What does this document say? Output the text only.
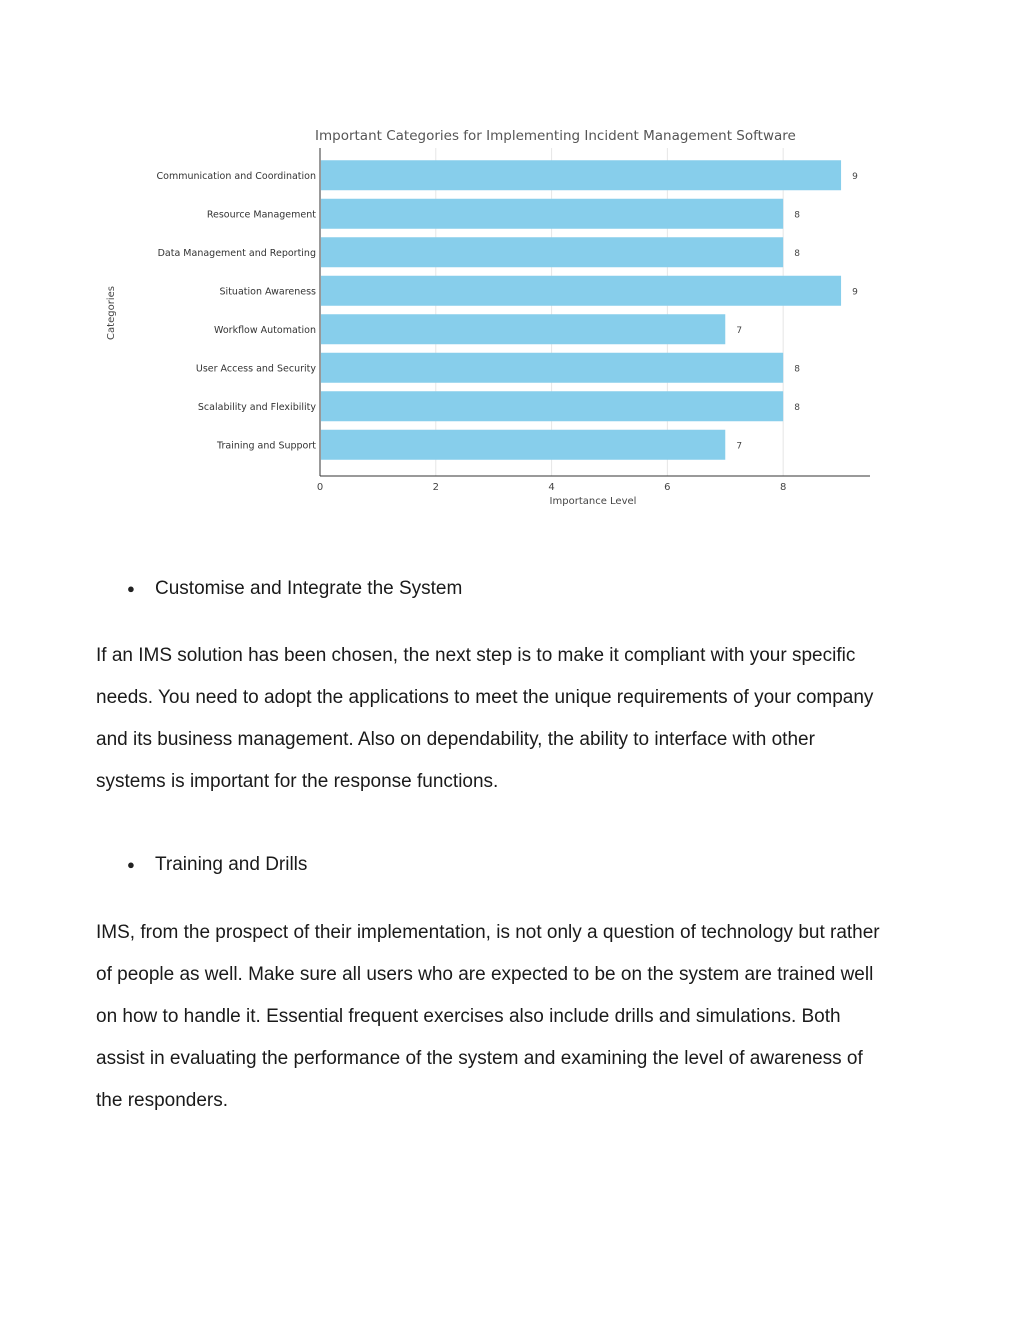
Important Categories for Implementing Incident Management Software
Communication and Coordination
Resource Management
Data Management and Reporting
Situation Awareness
Workflow Automation
User Access and Security
Scalability and Flexibility
Training and Support
9
8
8
9
7
8
8
7
0	2	4	6	8
Importance Level
Categories
●	Customise and Integrate the System

If an IMS solution has been chosen, the next step is to make it compliant with your specific
needs. You need to adopt the applications to meet the unique requirements of your company
and its business management. Also on dependability, the ability to interface with other
systems is important for the response functions.

●	Training and Drills

IMS, from the prospect of their implementation, is not only a question of technology but rather
of people as well. Make sure all users who are expected to be on the system are trained well
on how to handle it. Essential frequent exercises also include drills and simulations. Both
assist in evaluating the performance of the system and examining the level of awareness of
the responders.
